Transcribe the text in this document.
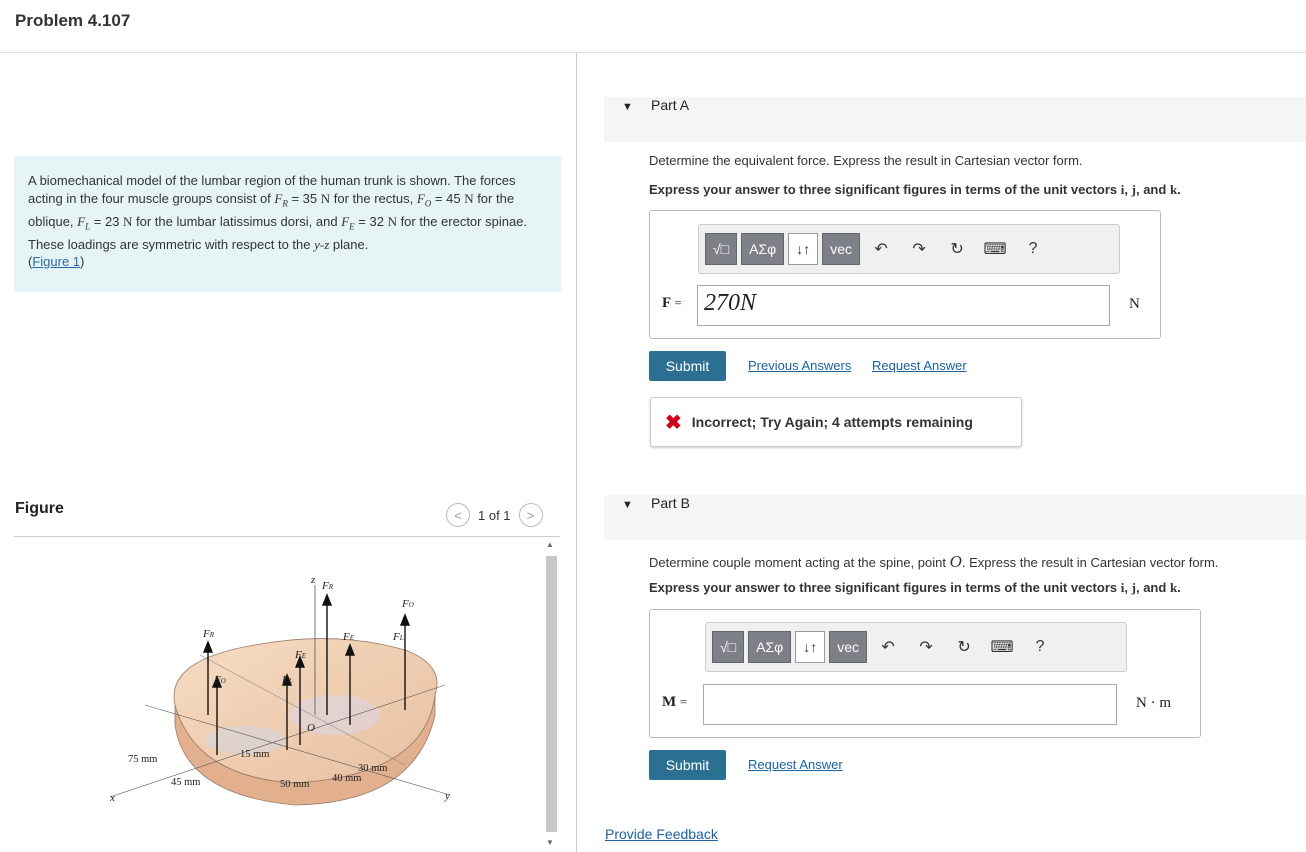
Problem 4.107
A biomechanical model of the lumbar region of the human trunk is shown. The forces acting in the four muscle groups consist of $F_R = 35$ N for the rectus, $F_O = 45$ N for the oblique, $F_L = 23$ N for the lumbar latissimus dorsi, and $F_E = 32$ N for the erector spinae. These loadings are symmetric with respect to the y-z plane.
(Figure 1)
Figure	<	1 of 1	>
▲
▼
z FR
FO
FR	FE	FL
FE
FO	FL
O
x	y
75 mm
45 mm
15 mm
50 mm
40 mm
30 mm
▼ Part A
Determine the equivalent force. Express the result in Cartesian vector form.
Express your answer to three significant figures in terms of the unit vectors i, j, and k.
√□	ΑΣφ	↓↑	vec	↶	↷	↻	⌨	?
F = 270N	N
Submit	Previous Answers Request Answer
✖ Incorrect; Try Again; 4 attempts remaining
▼ Part B
Determine couple moment acting at the spine, point O. Express the result in Cartesian vector form.
Express your answer to three significant figures in terms of the unit vectors i, j, and k.
√□	ΑΣφ	↓↑	vec	↶	↷	↻	⌨	?
M =	N · m
Submit	Request Answer
Provide Feedback
